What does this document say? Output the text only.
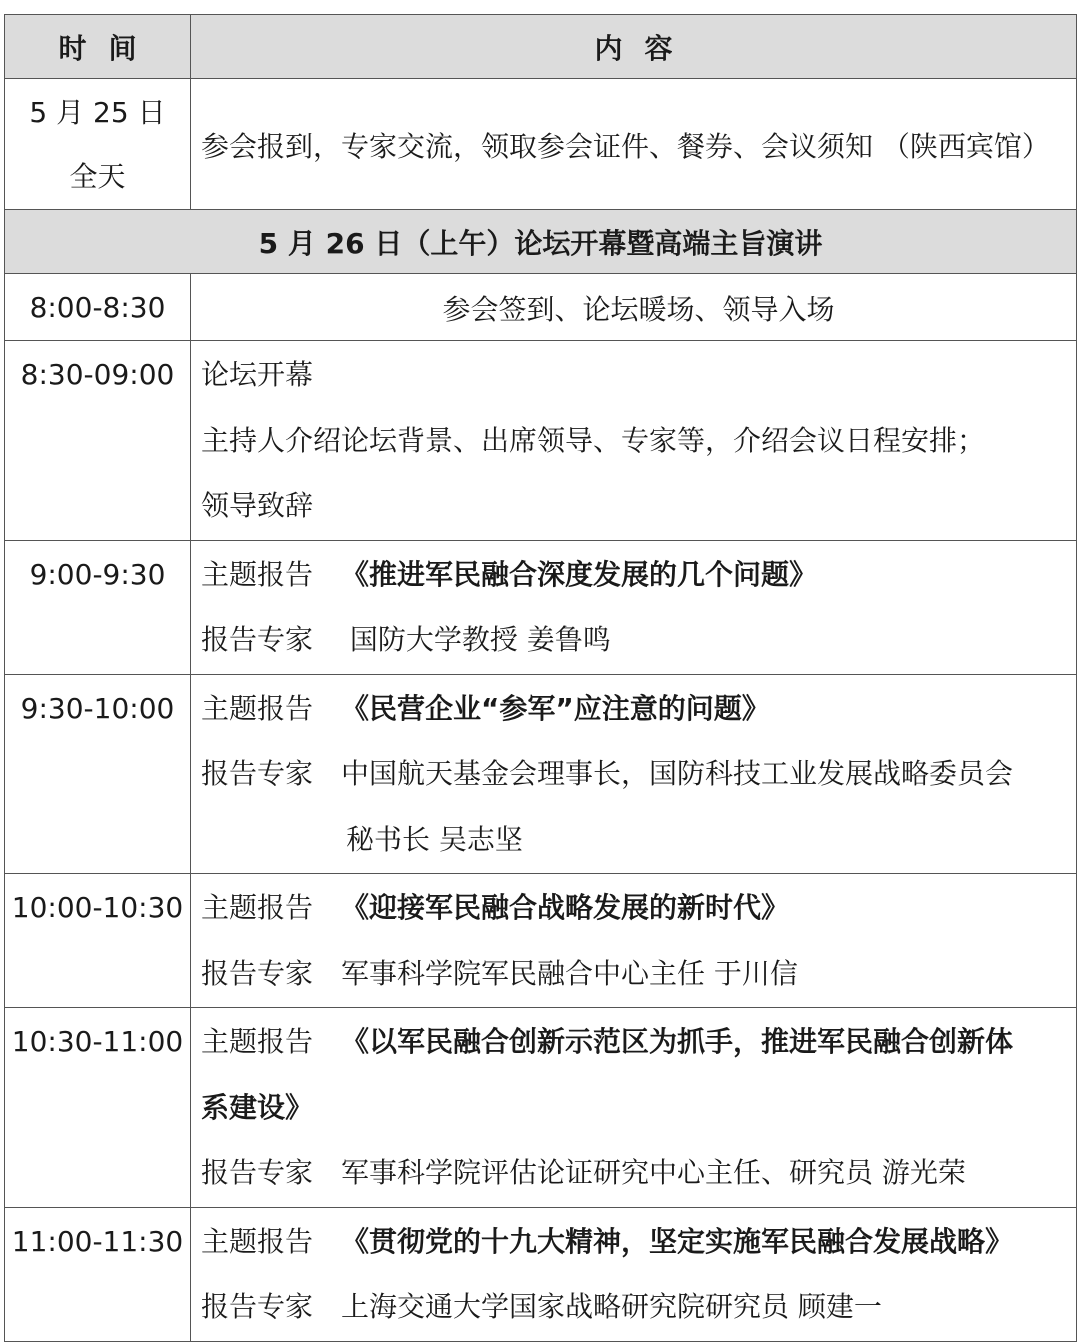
时间	内容

5 月 25 日
全天	参会报到，专家交流，领取参会证件、餐券、会议须知 （陕西宾馆）

5 月 26 日（上午）论坛开幕暨高端主旨演讲	
8:00-8:30	参会签到、论坛暖场、领导入场
8:30-09:00	论坛开幕
主持人介绍论坛背景、出席领导、专家等，介绍会议日程安排；
领导致辞

9:00-9:30	主题报告 《推进军民融合深度发展的几个问题》
报告专家 国防大学教授 姜鲁鸣

9:30-10:00	主题报告 《民营企业“参军”应注意的问题》
报告专家 中国航天基金会理事长，国防科技工业发展战略委员会
秘书长 吴志坚

10:00-10:30	主题报告 《迎接军民融合战略发展的新时代》
报告专家 军事科学院军民融合中心主任 于川信

10:30-11:00	主题报告 《以军民融合创新示范区为抓手，推进军民融合创新体
系建设》
报告专家 军事科学院评估论证研究中心主任、研究员 游光荣

11:00-11:30	主题报告 《贯彻党的十九大精神，坚定实施军民融合发展战略》
报告专家 上海交通大学国家战略研究院研究员 顾建一
